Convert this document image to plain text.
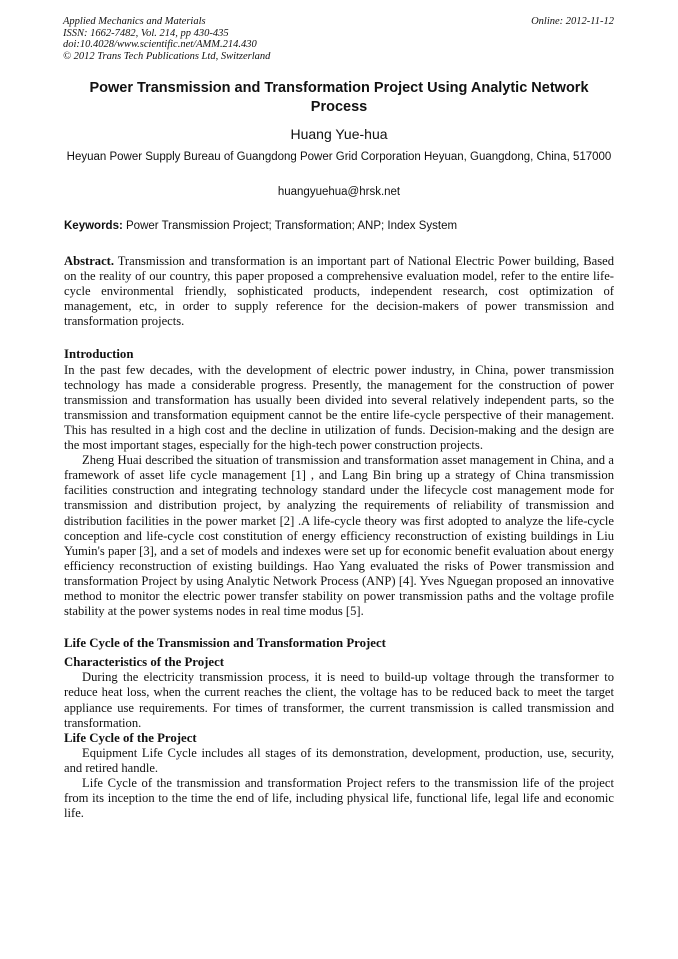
Applied Mechanics and Materials
ISSN: 1662-7482, Vol. 214, pp 430-435
doi:10.4028/www.scientific.net/AMM.214.430
© 2012 Trans Tech Publications Ltd, Switzerland
Online: 2012-11-12
Power Transmission and Transformation Project Using Analytic Network Process
Huang Yue-hua
Heyuan Power Supply Bureau of Guangdong Power Grid Corporation Heyuan, Guangdong, China, 517000
huangyuehua@hrsk.net
Keywords: Power Transmission Project; Transformation; ANP; Index System

Abstract. Transmission and transformation is an important part of National Electric Power building, Based on the reality of our country, this paper proposed a comprehensive evaluation model, refer to the entire life-cycle environmental friendly, sophisticated products, independent research, cost optimization of management, etc, in order to supply reference for the decision-makers of power transmission and transformation projects.

Introduction

In the past few decades, with the development of electric power industry, in China, power transmission technology has made a considerable progress. Presently, the management for the construction of power transmission and transformation has usually been divided into several relatively independent parts, so the transmission and transformation equipment cannot be the entire life-cycle perspective of their management. This has resulted in a high cost and the decline in utilization of funds. Decision-making and the design are the most important stages, especially for the high-tech power construction projects.

Zheng Huai described the situation of transmission and transformation asset management in China, and a framework of asset life cycle management [1] , and Lang Bin bring up a strategy of China transmission facilities construction and integrating technology standard under the lifecycle cost management mode for transmission and distribution project, by analyzing the requirements of reliability of transmission and distribution facilities in the power market [2] .A life-cycle theory was first adopted to analyze the life-cycle conception and life-cycle cost constitution of energy efficiency reconstruction of existing buildings in Liu Yumin's paper [3], and a set of models and indexes were set up for economic benefit evaluation about energy efficiency reconstruction of existing buildings. Hao Yang evaluated the risks of Power transmission and transformation Project by using Analytic Network Process (ANP) [4]. Yves Nguegan proposed an innovative method to monitor the electric power transfer stability on power transmission paths and the voltage profile stability at the power systems nodes in real time modus [5].

Life Cycle of the Transmission and Transformation Project

Characteristics of the Project

During the electricity transmission process, it is need to build-up voltage through the transformer to reduce heat loss, when the current reaches the client, the voltage has to be reduced back to meet the target appliance use requirements. For times of transformer, the current transmission is called transmission and transformation.

Life Cycle of the Project

Equipment Life Cycle includes all stages of its demonstration, development, production, use, security, and retired handle.

Life Cycle of the transmission and transformation Project refers to the transmission life of the project from its inception to the time the end of life, including physical life, functional life, legal life and economic life.
